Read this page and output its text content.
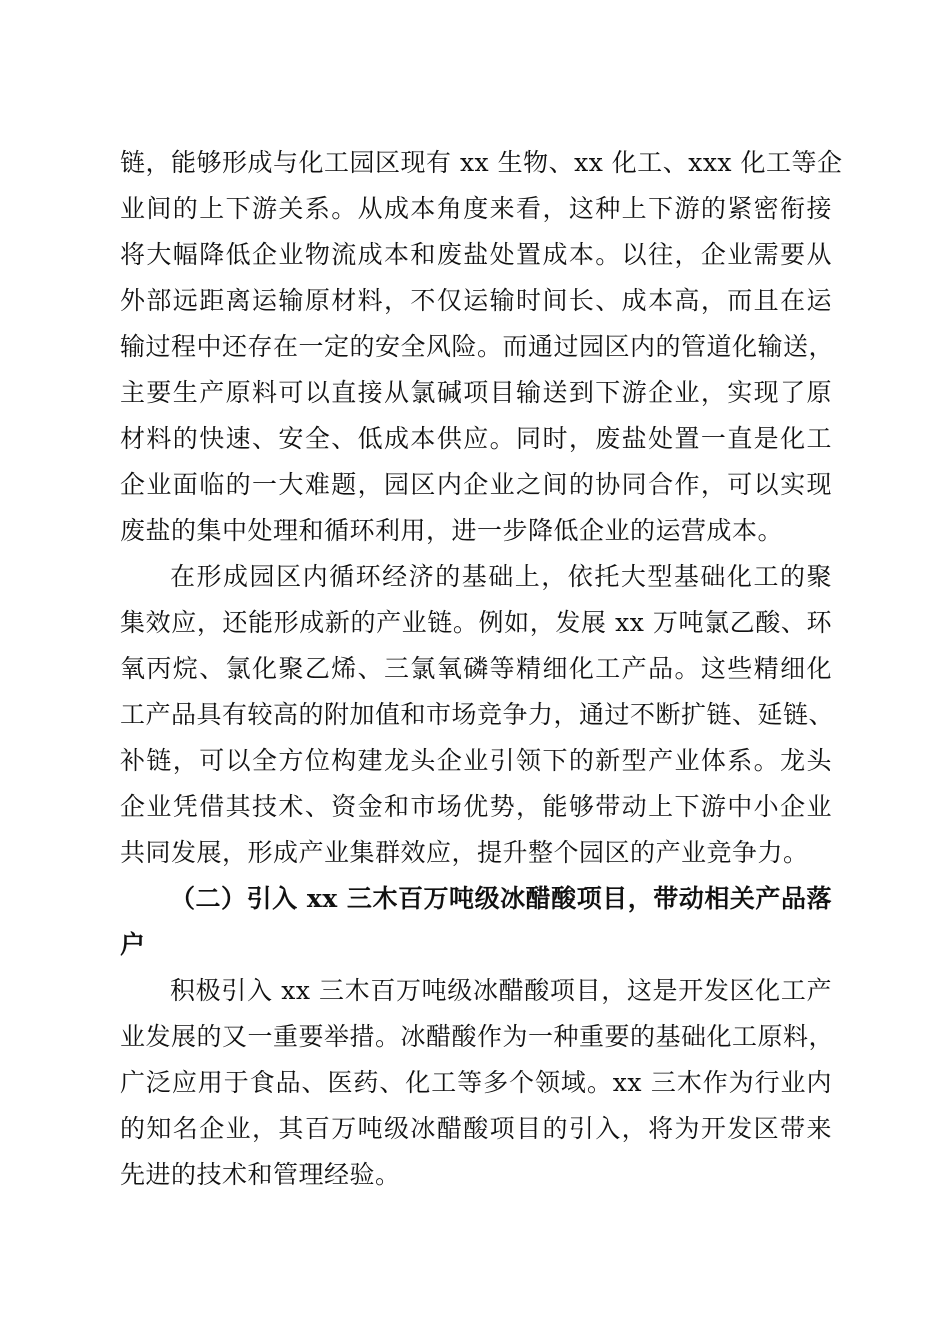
链，能够形成与化工园区现有 xx 生物、xx 化工、xxx 化工等企
业间的上下游关系。从成本角度来看，这种上下游的紧密衔接
将大幅降低企业物流成本和废盐处置成本。以往，企业需要从
外部远距离运输原材料，不仅运输时间长、成本高，而且在运
输过程中还存在一定的安全风险。而通过园区内的管道化输送，
主要生产原料可以直接从氯碱项目输送到下游企业，实现了原
材料的快速、安全、低成本供应。同时，废盐处置一直是化工
企业面临的一大难题，园区内企业之间的协同合作，可以实现
废盐的集中处理和循环利用，进一步降低企业的运营成本。
在形成园区内循环经济的基础上，依托大型基础化工的聚
集效应，还能形成新的产业链。例如，发展 xx 万吨氯乙酸、环
氧丙烷、氯化聚乙烯、三氯氧磷等精细化工产品。这些精细化
工产品具有较高的附加值和市场竞争力，通过不断扩链、延链、
补链，可以全方位构建龙头企业引领下的新型产业体系。龙头
企业凭借其技术、资金和市场优势，能够带动上下游中小企业
共同发展，形成产业集群效应，提升整个园区的产业竞争力。
（二）引入 xx 三木百万吨级冰醋酸项目，带动相关产品落
户
积极引入 xx 三木百万吨级冰醋酸项目，这是开发区化工产
业发展的又一重要举措。冰醋酸作为一种重要的基础化工原料，
广泛应用于食品、医药、化工等多个领域。xx 三木作为行业内
的知名企业，其百万吨级冰醋酸项目的引入，将为开发区带来
先进的技术和管理经验。
